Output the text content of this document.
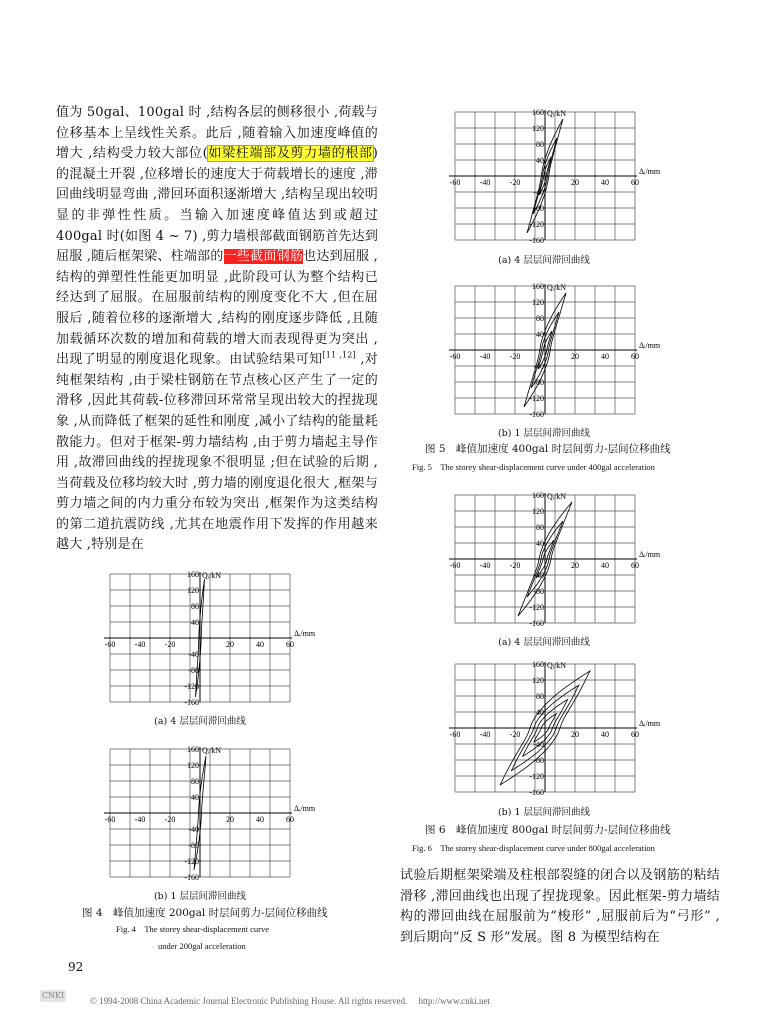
值为 50gal、100gal 时 ,结构各层的侧移很小 ,荷载与位移基本上呈线性关系。此后 ,随着输入加速度峰值的增大 ,结构受力较大部位(如梁柱端部及剪力墙的根部)的混凝土开裂 ,位移增长的速度大于荷载增长的速度 ,滞回曲线明显弯曲 ,滞回环面积逐渐增大 ,结构呈现出较明显的非弹性性质。当输入加速度峰值达到或超过 400gal 时(如图 4 ~ 7) ,剪力墙根部截面钢筋首先达到屈服 ,随后框架梁、柱端部的一些截面钢筋也达到屈服 ,结构的弹塑性性能更加明显 ,此阶段可认为整个结构已经达到了屈服。在屈服前结构的刚度变化不大 ,但在屈服后 ,随着位移的逐渐增大 ,结构的刚度逐步降低 ,且随加载循环次数的增加和荷载的增大而表现得更为突出 ,出现了明显的刚度退化现象。由试验结果可知[11 ,12] ,对纯框架结构 ,由于梁柱钢筋在节点核心区产生了一定的滑移 ,因此其荷载-位移滞回环常常呈现出较大的捏拢现象 ,从而降低了框架的延性和刚度 ,减小了结构的能量耗散能力。但对于框架-剪力墙结构 ,由于剪力墙起主导作用 ,故滞回曲线的捏拢现象不很明显 ;但在试验的后期 ,当荷载及位移均较大时 ,剪力墙的刚度退化很大 ,框架与剪力墙之间的内力重分布较为突出 ,框架作为这类结构的第二道抗震防线 ,尤其在地震作用下发挥的作用越来越大 ,特别是在

试验后期框架梁端及柱根部裂缝的闭合以及钢筋的粘结滑移 ,滞回曲线也出现了捏拢现象。因此框架-剪力墙结构的滞回曲线在屈服前为“梭形” ,屈服前后为“弓形” ,到后期向“反 S 形”发展。图 8 为模型结构在

160
120
80
40
-40
-80
-120
-160
-60 -40 -20	20	40	60
Qᵢ/kN
Δᵢ/mm
(a) 4 层层间滞回曲线
160
120
80
40
-40
-80
-120
-160
-60 -40 -20	20	40	60
Qᵢ/kN
Δᵢ/mm
(b) 1 层层间滞回曲线
图 4　峰值加速度 200gal 时层间剪力-层间位移曲线
Fig. 4　The storey shear-displacement curve
under 200gal acceleration
160
120
80
40
-40
-80
-120
-160
-60 -40 -20	20	40	60
Qᵢ/kN
Δᵢ/mm
(a) 4 层层间滞回曲线
160
120
80
40
-40
-80
-120
-160
-60 -40 -20	20	40	60
Qᵢ/kN
Δᵢ/mm
(b) 1 层层间滞回曲线
图 5　峰值加速度 400gal 时层间剪力-层间位移曲线
Fig. 5　The storey shear-displacement curve under 400gal acceleration
160
120
80
40
-40
-80
-120
-160
-60 -40 -20	20	40	60
Qᵢ/kN
Δᵢ/mm
(a) 4 层层间滞回曲线
160
120
80
40
-40
-80
-120
-160
-60 -40 -20	20	40	60
Qᵢ/kN
Δᵢ/mm
(b) 1 层层间滞回曲线
图 6　峰值加速度 800gal 时层间剪力-层间位移曲线
Fig. 6　The storey shear-displacement curve under 800gal acceleration
92
CNKI
© 1994-2008 China Academic Journal Electronic Publishing House. All rights reserved.　 http://www.cnki.net
